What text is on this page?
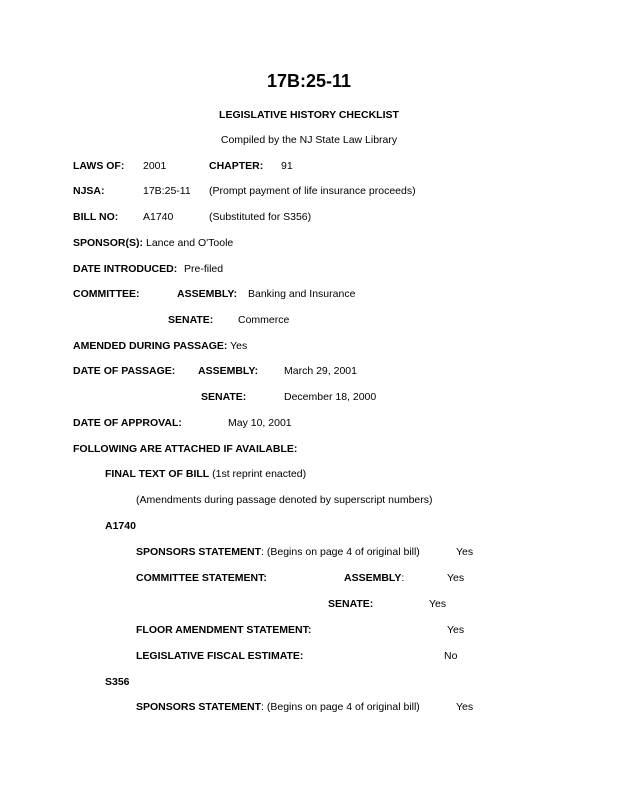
17B:25-11
LEGISLATIVE HISTORY CHECKLIST
Compiled by the NJ State Law Library
LAWS OF: 2001	CHAPTER: 91
NJSA:	17B:25-11 (Prompt payment of life insurance proceeds)
BILL NO: A1740	(Substituted for S356)
SPONSOR(S): Lance and O'Toole
DATE INTRODUCED: Pre-filed
COMMITTEE:	ASSEMBLY: Banking and Insurance
SENATE: Commerce
AMENDED DURING PASSAGE: Yes
DATE OF PASSAGE: ASSEMBLY: March 29, 2001
SENATE:	December 18, 2000
DATE OF APPROVAL:	May 10, 2001
FOLLOWING ARE ATTACHED IF AVAILABLE:
FINAL TEXT OF BILL (1st reprint enacted)
(Amendments during passage denoted by superscript numbers)
A1740
SPONSORS STATEMENT: (Begins on page 4 of original bill)	Yes
COMMITTEE STATEMENT:	ASSEMBLY:	Yes
SENATE:	Yes
FLOOR AMENDMENT STATEMENT:	Yes
LEGISLATIVE FISCAL ESTIMATE:	No
S356
SPONSORS STATEMENT: (Begins on page 4 of original bill)	Yes
